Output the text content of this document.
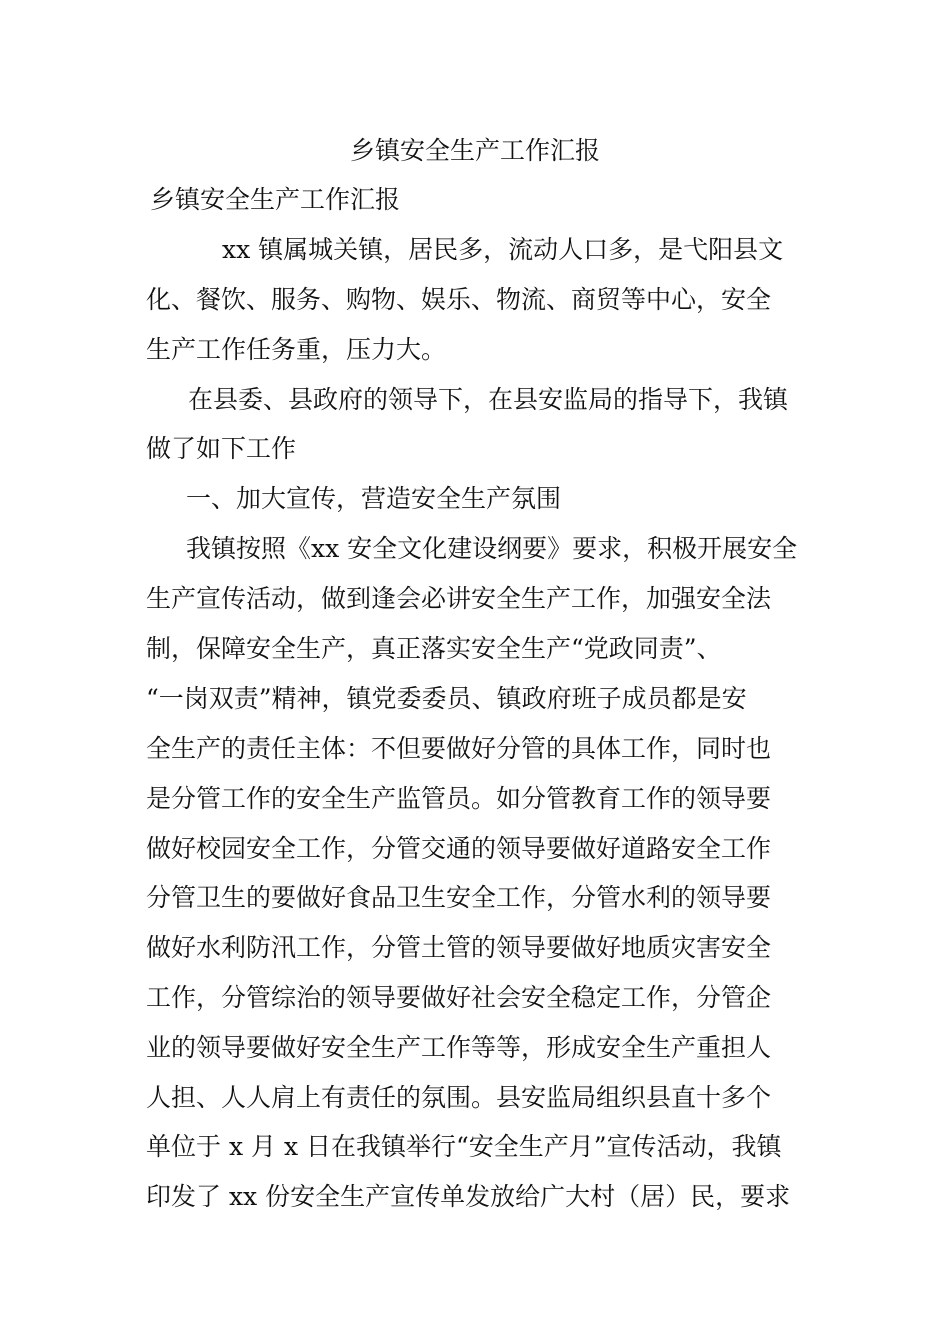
乡镇安全生产工作汇报
乡镇安全生产工作汇报
xx 镇属城关镇，居民多，流动人口多，是弋阳县文
化、餐饮、服务、购物、娱乐、物流、商贸等中心，安全
生产工作任务重，压力大。
在县委、县政府的领导下，在县安监局的指导下，我镇
做了如下工作
一、加大宣传，营造安全生产氛围
我镇按照《xx 安全文化建设纲要》要求，积极开展安全
生产宣传活动，做到逢会必讲安全生产工作，加强安全法
制，保障安全生产，真正落实安全生产“党政同责”、
“一岗双责”精神，镇党委委员、镇政府班子成员都是安
全生产的责任主体：不但要做好分管的具体工作，同时也
是分管工作的安全生产监管员。如分管教育工作的领导要
做好校园安全工作，分管交通的领导要做好道路安全工作
分管卫生的要做好食品卫生安全工作，分管水利的领导要
做好水利防汛工作，分管土管的领导要做好地质灾害安全
工作，分管综治的领导要做好社会安全稳定工作，分管企
业的领导要做好安全生产工作等等，形成安全生产重担人
人担、人人肩上有责任的氛围。县安监局组织县直十多个
单位于 x 月 x 日在我镇举行“安全生产月”宣传活动，我镇
印发了 xx 份安全生产宣传单发放给广大村（居）民，要求
